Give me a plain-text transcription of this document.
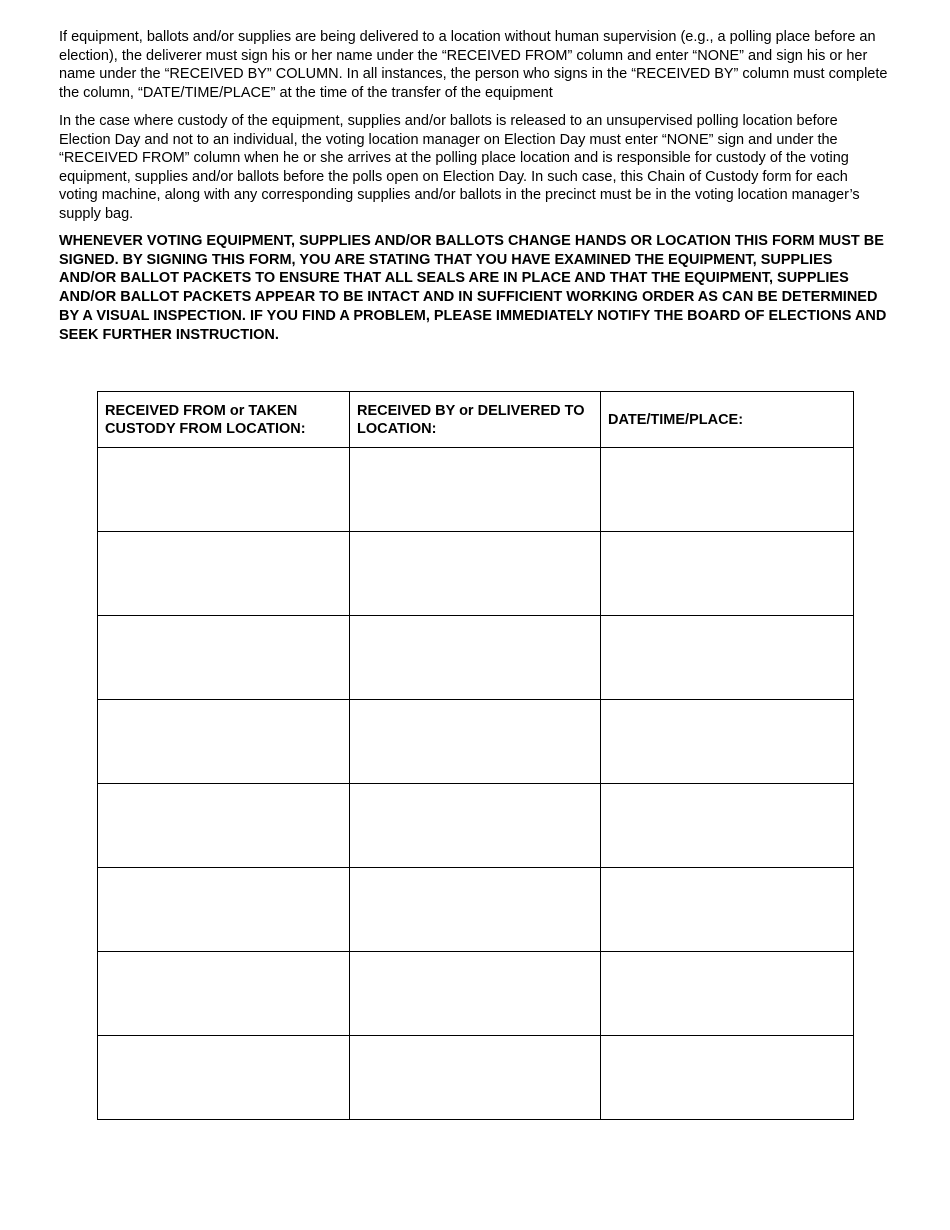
If equipment, ballots and/or supplies are being delivered to a location without human supervision (e.g., a polling place before an election), the deliverer must sign his or her name under the “RECEIVED FROM” column and enter “NONE” and sign his or her name under the “RECEIVED BY” COLUMN. In all instances, the person who signs in the “RECEIVED BY” column must complete the column, “DATE/TIME/PLACE” at the time of the transfer of the equipment

In the case where custody of the equipment, supplies and/or ballots is released to an unsupervised polling location before Election Day and not to an individual, the voting location manager on Election Day must enter “NONE” sign and under the “RECEIVED FROM” column when he or she arrives at the polling place location and is responsible for custody of the voting equipment, supplies and/or ballots before the polls open on Election Day. In such case, this Chain of Custody form for each voting machine, along with any corresponding supplies and/or ballots in the precinct must be in the voting location manager’s supply bag.

WHENEVER VOTING EQUIPMENT, SUPPLIES AND/OR BALLOTS CHANGE HANDS OR LOCATION THIS FORM MUST BE SIGNED. BY SIGNING THIS FORM, YOU ARE STATING THAT YOU HAVE EXAMINED THE EQUIPMENT, SUPPLIES AND/OR BALLOT PACKETS TO ENSURE THAT ALL SEALS ARE IN PLACE AND THAT THE EQUIPMENT, SUPPLIES AND/OR BALLOT PACKETS APPEAR TO BE INTACT AND IN SUFFICIENT WORKING ORDER AS CAN BE DETERMINED BY A VISUAL INSPECTION. IF YOU FIND A PROBLEM, PLEASE IMMEDIATELY NOTIFY THE BOARD OF ELECTIONS AND SEEK FURTHER INSTRUCTION.

RECEIVED FROM or TAKEN CUSTODY FROM LOCATION:	RECEIVED BY or DELIVERED TO LOCATION:	DATE/TIME/PLACE:
